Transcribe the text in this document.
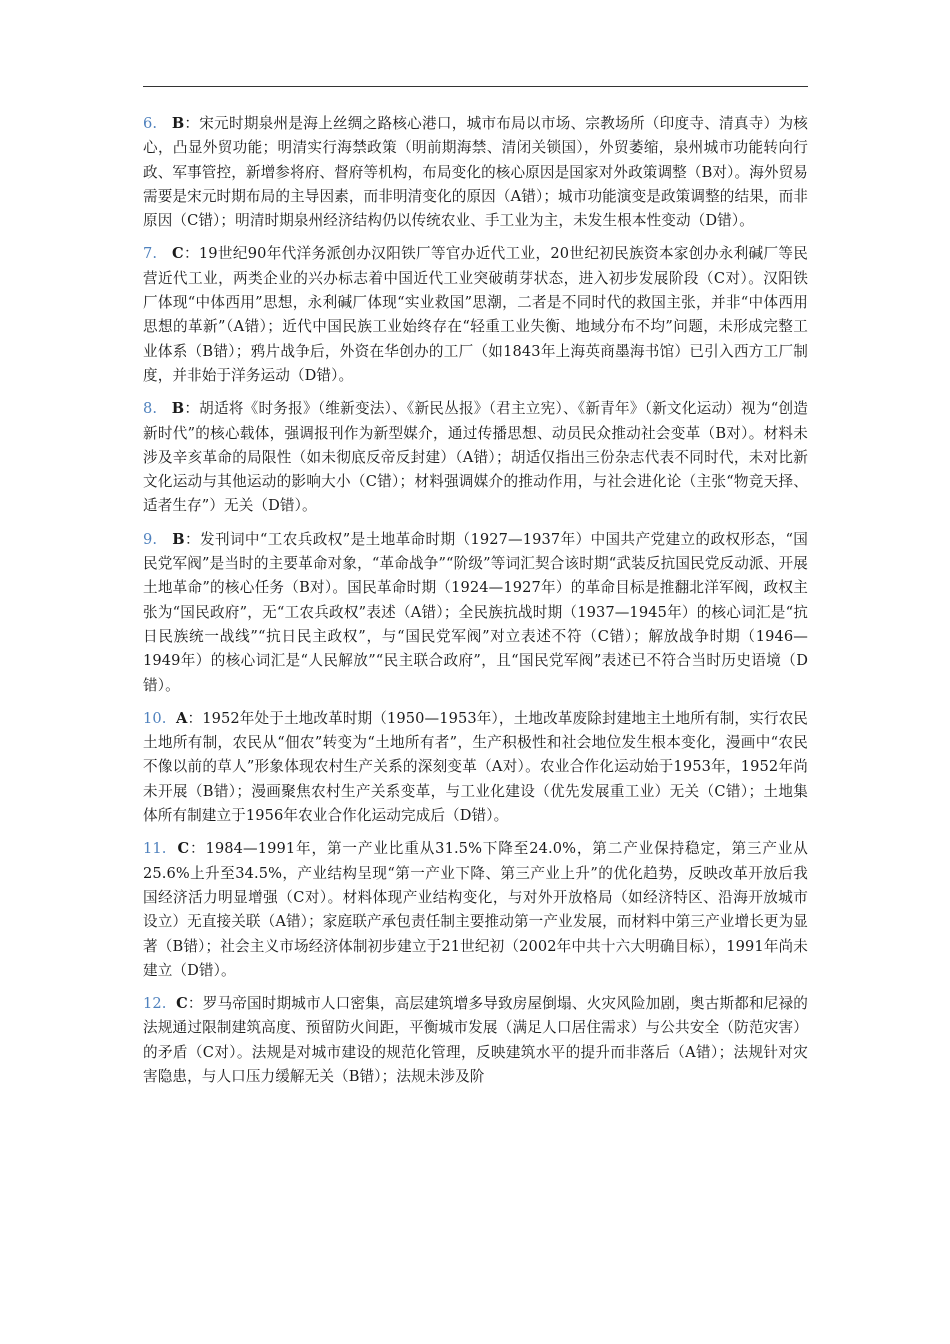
6. B：宋元时期泉州是海上丝绸之路核心港口，城市布局以市场、宗教场所（印度寺、清真寺）为核心，凸显外贸功能；明清实行海禁政策（明前期海禁、清闭关锁国），外贸萎缩，泉州城市功能转向行政、军事管控，新增参将府、督府等机构，布局变化的核心原因是国家对外政策调整（B对）。海外贸易需要是宋元时期布局的主导因素，而非明清变化的原因（A错）；城市功能演变是政策调整的结果，而非原因（C错）；明清时期泉州经济结构仍以传统农业、手工业为主，未发生根本性变动（D错）。

7. C：19世纪90年代洋务派创办汉阳铁厂等官办近代工业，20世纪初民族资本家创办永利碱厂等民营近代工业，两类企业的兴办标志着中国近代工业突破萌芽状态，进入初步发展阶段（C对）。汉阳铁厂体现“中体西用”思想，永利碱厂体现“实业救国”思潮，二者是不同时代的救国主张，并非“中体西用思想的革新”（A错）；近代中国民族工业始终存在“轻重工业失衡、地域分布不均”问题，未形成完整工业体系（B错）；鸦片战争后，外资在华创办的工厂（如1843年上海英商墨海书馆）已引入西方工厂制度，并非始于洋务运动（D错）。

8. B：胡适将《时务报》（维新变法）、《新民丛报》（君主立宪）、《新青年》（新文化运动）视为“创造新时代”的核心载体，强调报刊作为新型媒介，通过传播思想、动员民众推动社会变革（B对）。材料未涉及辛亥革命的局限性（如未彻底反帝反封建）（A错）；胡适仅指出三份杂志代表不同时代，未对比新文化运动与其他运动的影响大小（C错）；材料强调媒介的推动作用，与社会进化论（主张“物竞天择、适者生存”）无关（D错）。

9. B：发刊词中“工农兵政权”是土地革命时期（1927—1937年）中国共产党建立的政权形态，“国民党军阀”是当时的主要革命对象，“革命战争”“阶级”等词汇契合该时期“武装反抗国民党反动派、开展土地革命”的核心任务（B对）。国民革命时期（1924—1927年）的革命目标是推翻北洋军阀，政权主张为“国民政府”，无“工农兵政权”表述（A错）；全民族抗战时期（1937—1945年）的核心词汇是“抗日民族统一战线”“抗日民主政权”，与“国民党军阀”对立表述不符（C错）；解放战争时期（1946—1949年）的核心词汇是“人民解放”“民主联合政府”，且“国民党军阀”表述已不符合当时历史语境（D错）。

10. A：1952年处于土地改革时期（1950—1953年），土地改革废除封建地主土地所有制，实行农民土地所有制，农民从“佃农”转变为“土地所有者”，生产积极性和社会地位发生根本变化，漫画中“农民不像以前的草人”形象体现农村生产关系的深刻变革（A对）。农业合作化运动始于1953年，1952年尚未开展（B错）；漫画聚焦农村生产关系变革，与工业化建设（优先发展重工业）无关（C错）；土地集体所有制建立于1956年农业合作化运动完成后（D错）。

11. C：1984—1991年，第一产业比重从31.5%下降至24.0%，第二产业保持稳定，第三产业从25.6%上升至34.5%，产业结构呈现“第一产业下降、第三产业上升”的优化趋势，反映改革开放后我国经济活力明显增强（C对）。材料体现产业结构变化，与对外开放格局（如经济特区、沿海开放城市设立）无直接关联（A错）；家庭联产承包责任制主要推动第一产业发展，而材料中第三产业增长更为显著（B错）；社会主义市场经济体制初步建立于21世纪初（2002年中共十六大明确目标），1991年尚未建立（D错）。

12. C：罗马帝国时期城市人口密集，高层建筑增多导致房屋倒塌、火灾风险加剧，奥古斯都和尼禄的法规通过限制建筑高度、预留防火间距，平衡城市发展（满足人口居住需求）与公共安全（防范灾害）的矛盾（C对）。法规是对城市建设的规范化管理，反映建筑水平的提升而非落后（A错）；法规针对灾害隐患，与人口压力缓解无关（B错）；法规未涉及阶
